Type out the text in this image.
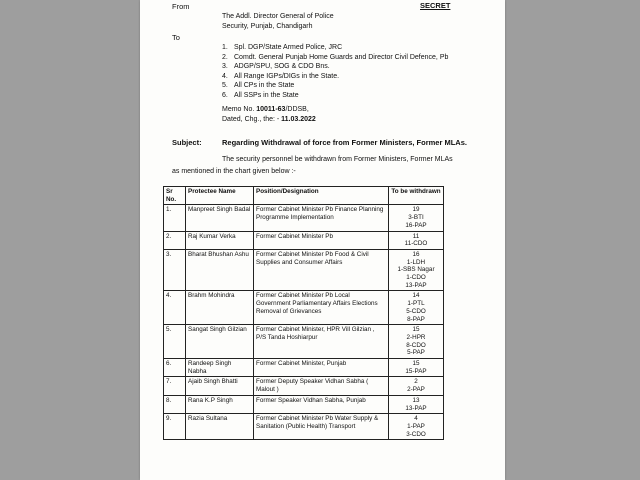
From	SECRET
The Addl. Director General of Police
Security, Punjab, Chandigarh
To
1. Spl. DGP/State Armed Police, JRC
2. Comdt. General Punjab Home Guards and Director Civil Defence, Pb
3. ADGP/SPU, SOG & CDO Bns.
4. All Range IGPs/DIGs in the State.
5. All CPs in the State
6. All SSPs in the State
Memo No. 10011-63/DDSB,
Dated, Chg., the: - 11.03.2022
Subject:	Regarding Withdrawal of force from Former Ministers, Former MLAs.
The security personnel be withdrawn from Former Ministers, Former MLAs
as mentioned in the chart given below :-
Sr No.	Protectee Name	Position/Designation	To be withdrawn
1.	Manpreet Singh Badal	Former Cabinet Minister Pb Finance Planning Programme Implementation	19
3-BTI
16-PAP

2.	Raj Kumar Verka	Former Cabinet Minister Pb	11
11-CDO

3.	Bharat Bhushan Ashu	Former Cabinet Minister Pb Food & Civil Supplies and Consumer Affairs	16
1-LDH
1-SBS Nagar
1-CDO
13-PAP

4.	Brahm Mohindra	Former Cabinet Minister Pb Local Government Parliamentary Affairs Elections Removal of Grievances	14
1-PTL
5-CDO
8-PAP

5.	Sangat Singh Gilzian	Former Cabinet Minister, HPR Vill Gilzian , P/S Tanda Hoshiarpur	15
2-HPR
8-CDO
5-PAP

6.	Randeep Singh Nabha	Former Cabinet Minister, Punjab	15
15-PAP

7.	Ajaib Singh Bhatti	Former Deputy Speaker Vidhan Sabha ( Malout )	2
2-PAP

8.	Rana K.P Singh	Former Speaker Vidhan Sabha, Punjab	13
13-PAP

9.	Razia Sultana	Former Cabinet Minister Pb Water Supply & Sanitation (Public Health) Transport	4
1-PAP
3-CDO
